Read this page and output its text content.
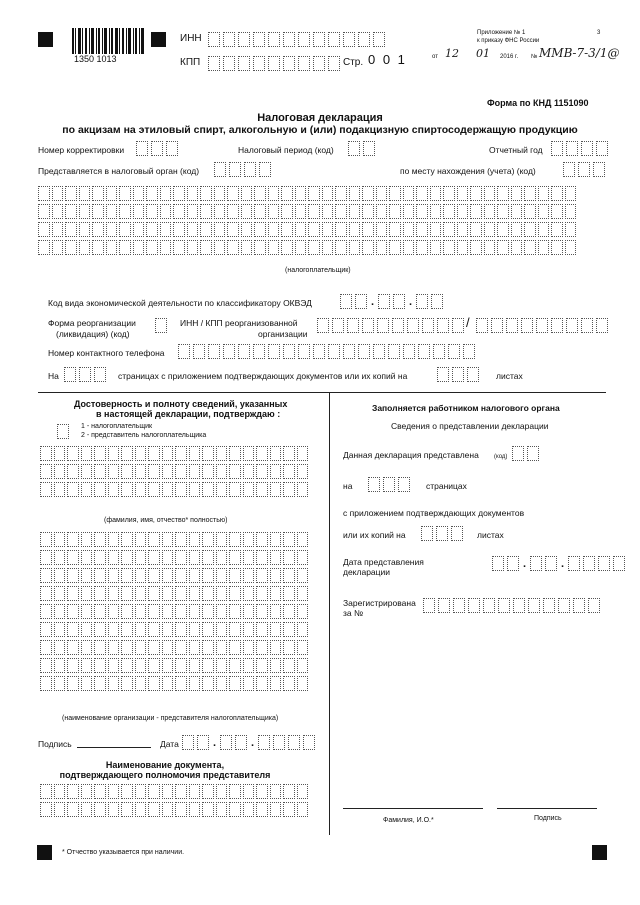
1350 1013
ИНН
КПП	Стр. 0 0 1
Приложение № 1
к приказу ФНС России
3
от 12 01 2016 г. № ММВ-7-3/1@
Форма по КНД 1151090
Налоговая декларация
по акцизам на этиловый спирт, алкогольную и (или) подакцизную спиртосодержащую продукцию
Номер корректировки	Налоговый период (код)	Отчетный год
Представляется в налоговый орган (код)	по месту нахождения (учета) (код)
(налогоплательщик)
Код вида экономической деятельности по классификатору ОКВЭД	.	.
Форма реорганизации
(ликвидация) (код)
ИНН / КПП реорганизованной
организации
/
Номер контактного телефона
На	страницах с приложением подтверждающих документов или их копий на	листах
Достоверность и полноту сведений, указанных
в настоящей декларации, подтверждаю :
1 - налогоплательщик
2 - представитель налогоплательщика
(фамилия, имя, отчество* полностью)
(наименование организации - представителя налогоплательщика)
Подпись	Дата	.	.
Наименование документа,
подтверждающего полномочия представителя
Заполняется работником налогового органа
Сведения о представлении декларации
Данная декларация представлена	(код)
на	страницах
с приложением подтверждающих документов
или их копий на	листах
Дата представления
декларации
.	.
Зарегистрирована
за №
Фамилия, И.О.*	Подпись
* Отчество указывается при наличии.
